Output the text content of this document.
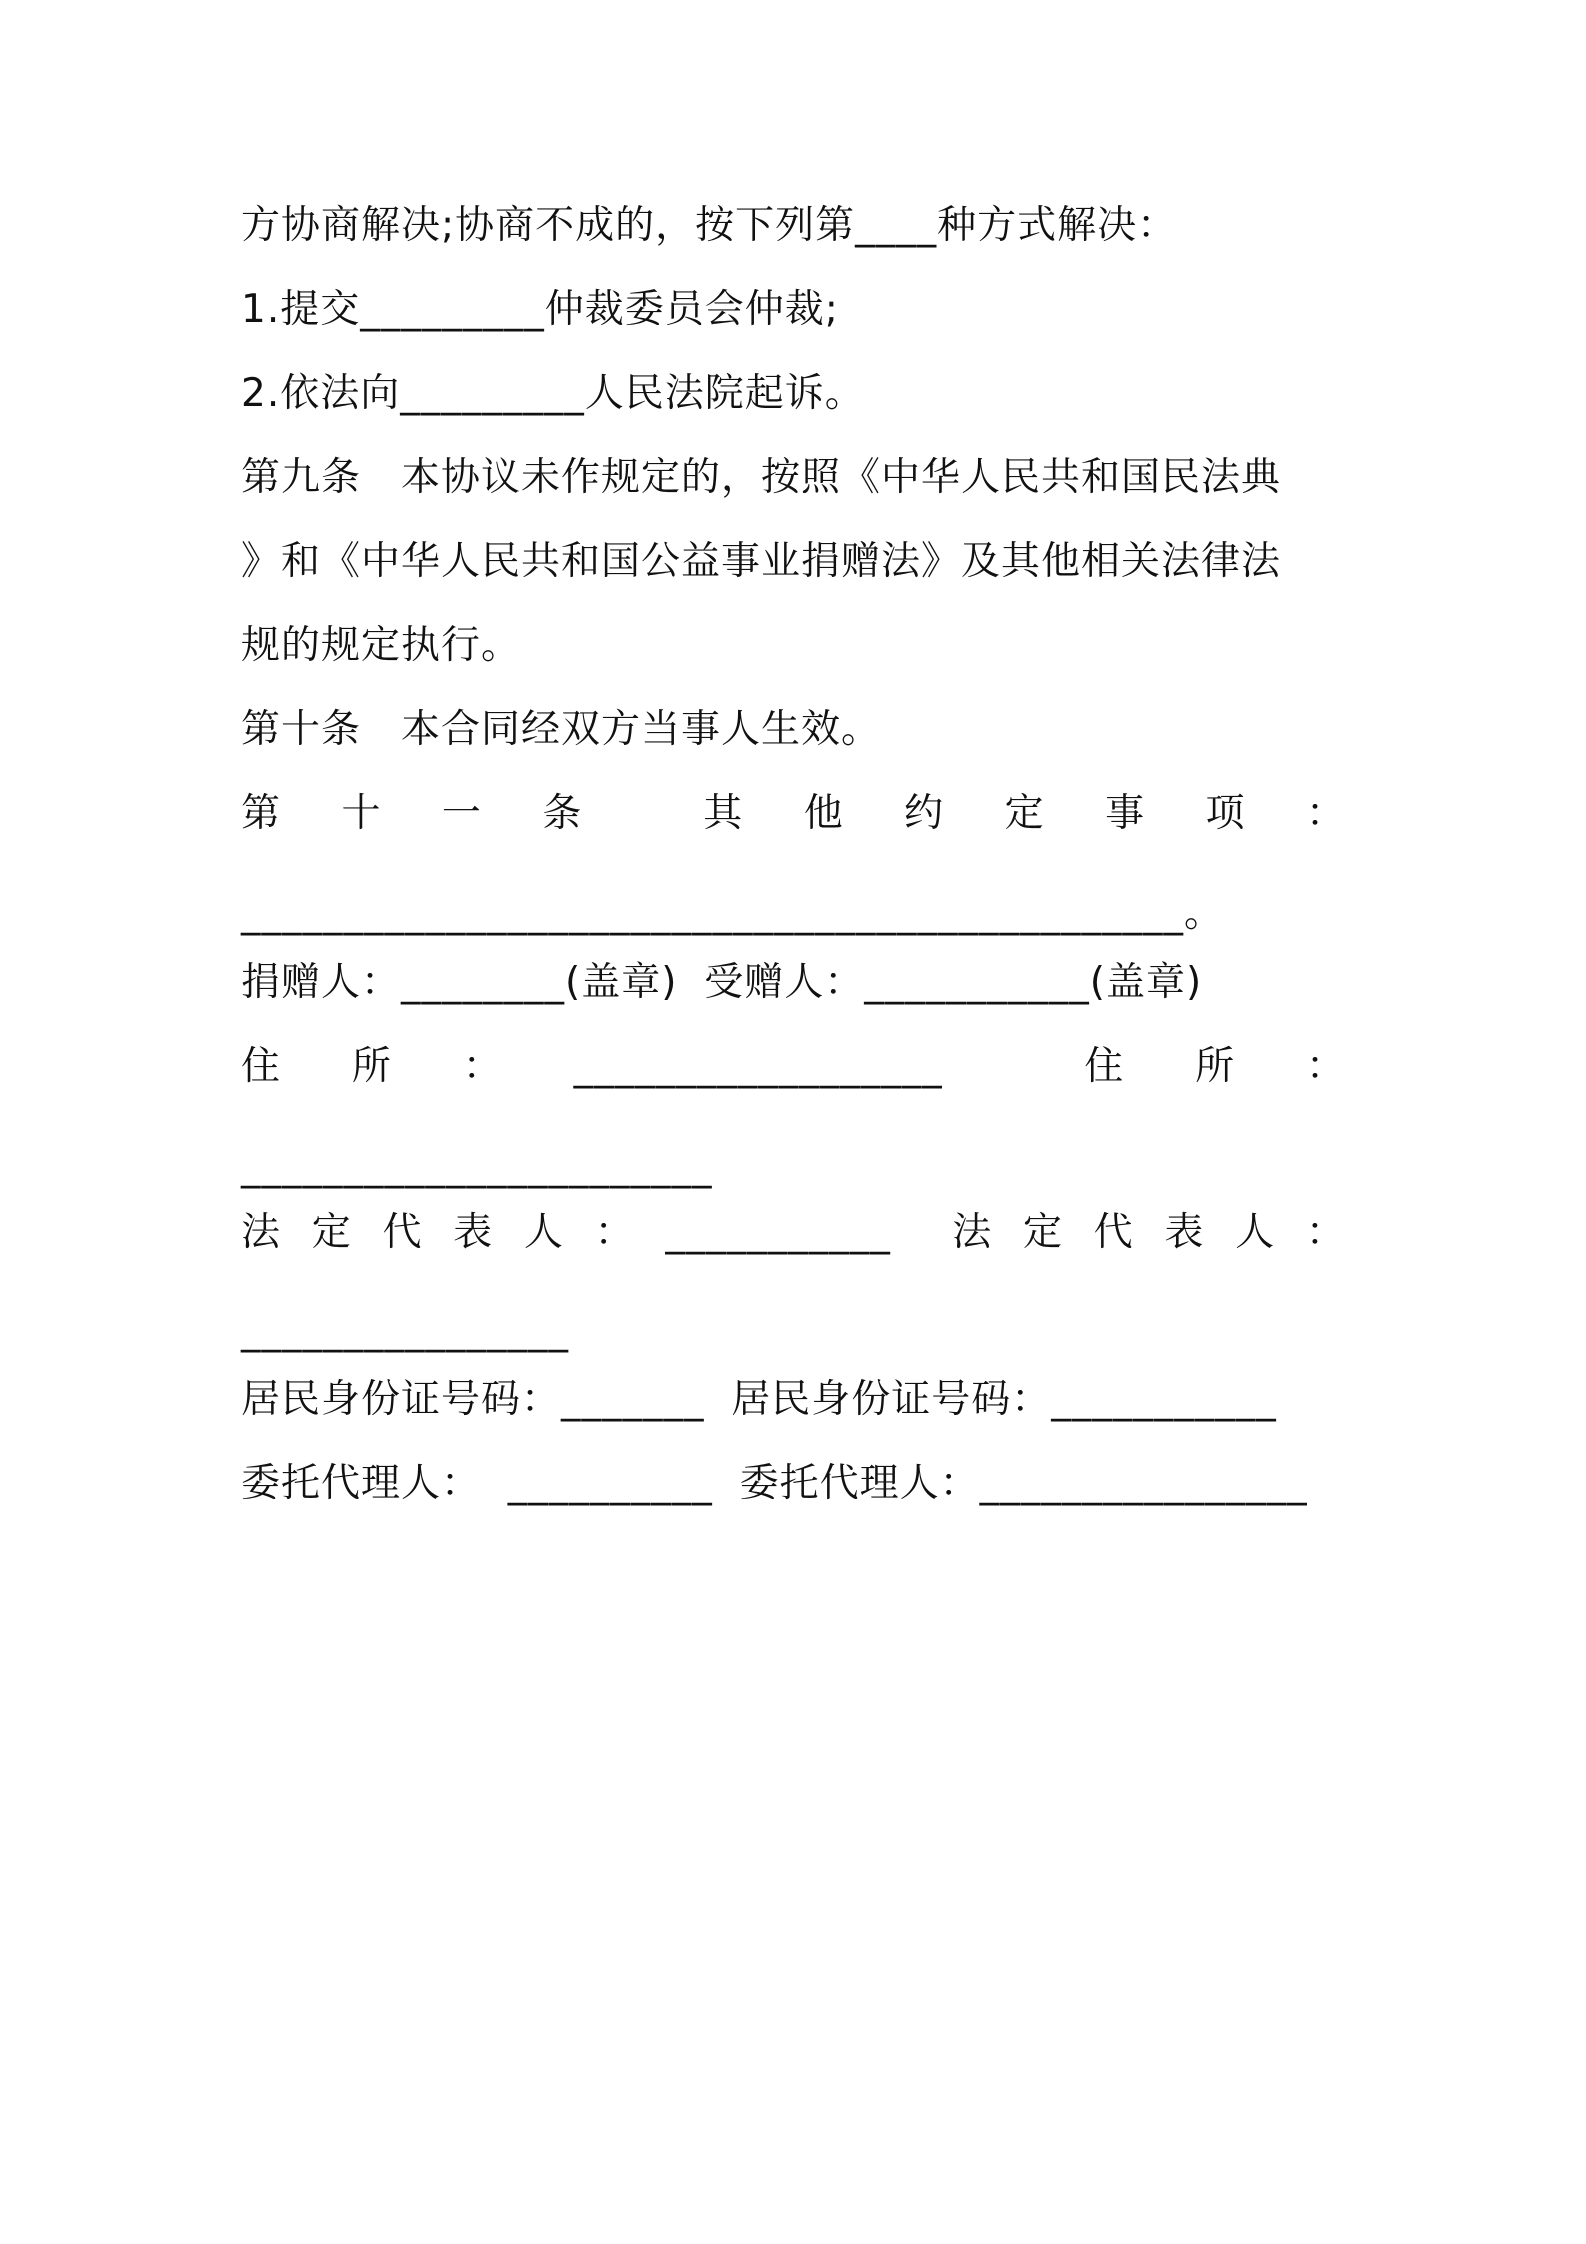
方协商解决;协商不成的，按下列第____种方式解决：
1.提交_________仲裁委员会仲裁;
2.依法向_________人民法院起诉。
第九条　本协议未作规定的，按照《中华人民共和国民法典
》和《中华人民共和国公益事业捐赠法》及其他相关法律法
规的规定执行。
第十条　本合同经双方当事人生效。
第 十 一 条	其 他 约 定 事 项 ：
______________________________________________。
捐赠人：________(盖章)  受赠人：___________(盖章)
住 所 ： __________________	住 所 ：
_______________________
法 定 代 表 人 ： ___________ 法 定 代 表 人 ：
________________
居民身份证号码：_______  居民身份证号码：___________
委托代理人：  __________  委托代理人：________________
